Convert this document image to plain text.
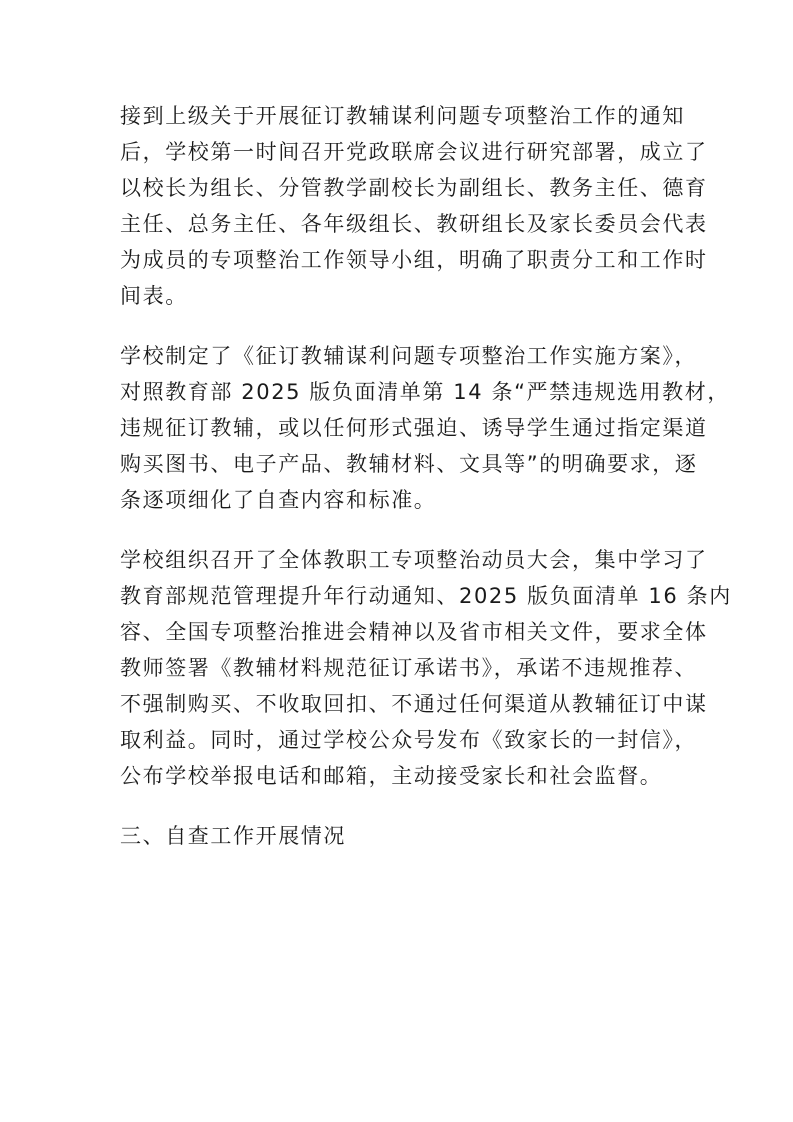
接到上级关于开展征订教辅谋利问题专项整治工作的通知
后，学校第一时间召开党政联席会议进行研究部署，成立了
以校长为组长、分管教学副校长为副组长、教务主任、德育
主任、总务主任、各年级组长、教研组长及家长委员会代表
为成员的专项整治工作领导小组，明确了职责分工和工作时
间表。

学校制定了《征订教辅谋利问题专项整治工作实施方案》，
对照教育部 2025 版负面清单第 14 条“严禁违规选用教材，
违规征订教辅，或以任何形式强迫、诱导学生通过指定渠道
购买图书、电子产品、教辅材料、文具等”的明确要求，逐
条逐项细化了自查内容和标准。

学校组织召开了全体教职工专项整治动员大会，集中学习了
教育部规范管理提升年行动通知、2025 版负面清单 16 条内
容、全国专项整治推进会精神以及省市相关文件，要求全体
教师签署《教辅材料规范征订承诺书》，承诺不违规推荐、
不强制购买、不收取回扣、不通过任何渠道从教辅征订中谋
取利益。同时，通过学校公众号发布《致家长的一封信》，
公布学校举报电话和邮箱，主动接受家长和社会监督。

三、自查工作开展情况
